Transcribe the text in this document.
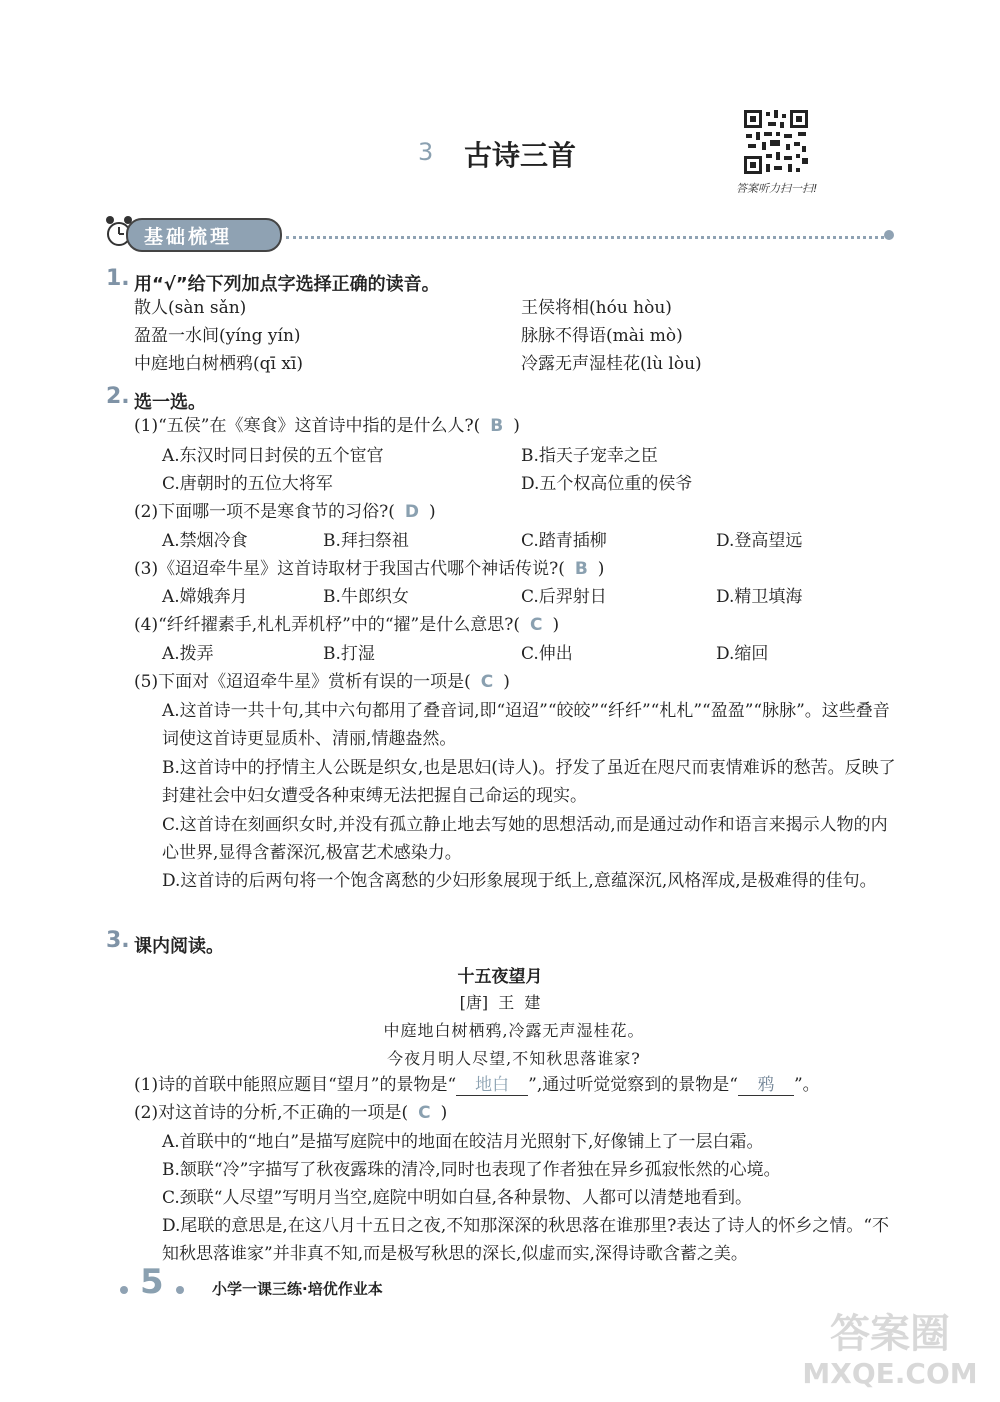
3 古诗三首
答案听力扫一扫!
基础梳理
1. 用“√”给下列加点字选择正确的读音。
散人(sàn sǎn)	王侯将相(hóu hòu)
盈盈一水间(yíng yín)	脉脉不得语(mài mò)
中庭地白树栖鸦(qī xī)	冷露无声湿桂花(lù lòu)
2. 选一选。
(1)“五侯”在《寒食》这首诗中指的是什么人?( B )
A.东汉时同日封侯的五个宦官	B.指天子宠幸之臣
C.唐朝时的五位大将军	D.五个权高位重的侯爷
(2)下面哪一项不是寒食节的习俗?( D )
A.禁烟冷食	B.拜扫祭祖	C.踏青插柳	D.登高望远
(3)《迢迢牵牛星》这首诗取材于我国古代哪个神话传说?( B )
A.嫦娥奔月	B.牛郎织女	C.后羿射日	D.精卫填海
(4)“纤纤擢素手,札札弄机杼”中的“擢”是什么意思?( C )
A.拨弄	B.打湿	C.伸出	D.缩回
(5)下面对《迢迢牵牛星》赏析有误的一项是( C )
A.这首诗一共十句,其中六句都用了叠音词,即“迢迢”“皎皎”“纤纤”“札札”“盈盈”“脉脉”。这些叠音词使这首诗更显质朴、清丽,情趣盎然。
B.这首诗中的抒情主人公既是织女,也是思妇(诗人)。抒发了虽近在咫尺而衷情难诉的愁苦。反映了封建社会中妇女遭受各种束缚无法把握自己命运的现实。
C.这首诗在刻画织女时,并没有孤立静止地去写她的思想活动,而是通过动作和语言来揭示人物的内心世界,显得含蓄深沉,极富艺术感染力。
D.这首诗的后两句将一个饱含离愁的少妇形象展现于纸上,意蕴深沉,风格浑成,是极难得的佳句。
3. 课内阅读。
十五夜望月
[唐]  王  建
中庭地白树栖鸦,冷露无声湿桂花。
今夜月明人尽望,不知秋思落谁家?
(1)诗的首联中能照应题目“望月”的景物是“ 地白 ”,通过听觉觉察到的景物是“ 鸦 ”。
(2)对这首诗的分析,不正确的一项是( C )
A.首联中的“地白”是描写庭院中的地面在皎洁月光照射下,好像铺上了一层白霜。
B.颔联“冷”字描写了秋夜露珠的清冷,同时也表现了作者独在异乡孤寂怅然的心境。
C.颈联“人尽望”写明月当空,庭院中明如白昼,各种景物、人都可以清楚地看到。
D.尾联的意思是,在这八月十五日之夜,不知那深深的秋思落在谁那里?表达了诗人的怀乡之情。“不知秋思落谁家”并非真不知,而是极写秋思的深长,似虚而实,深得诗歌含蓄之美。
5	小学一课三练·培优作业本
答案圈
MXQE.COM
